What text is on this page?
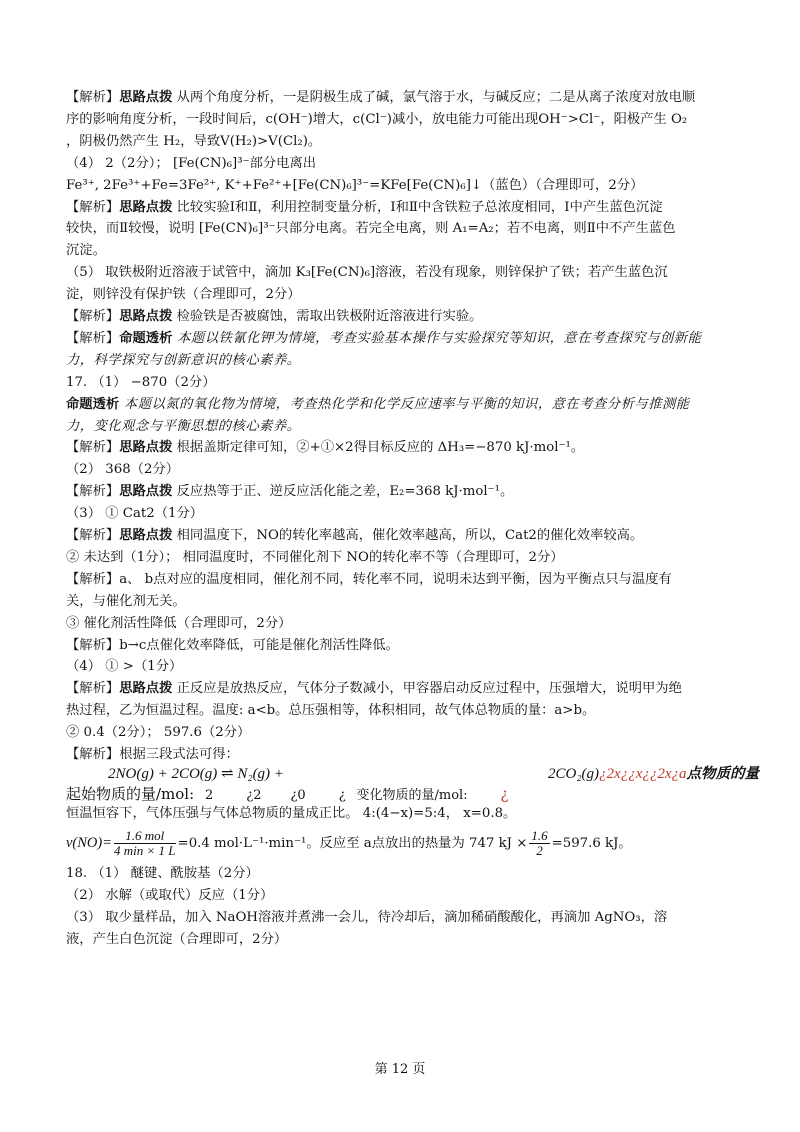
【解析】思路点拨 从两个角度分析，一是阴极生成了碱，氯气溶于水，与碱反应；二是从离子浓度对放电顺
序的影响角度分析，一段时间后，c(OH⁻)增大，c(Cl⁻)减小，放电能力可能出现OH⁻>Cl⁻，阳极产生 O₂
，阴极仍然产生 H₂，导致V(H₂)>V(Cl₂)。
（4） 2（2分）； [Fe(CN)₆]³⁻部分电离出
Fe³⁺, 2Fe³⁺+Fe=3Fe²⁺, K⁺+Fe²⁺+[Fe(CN)₆]³⁻=KFe[Fe(CN)₆]↓（蓝色）（合理即可，2分）
【解析】思路点拨 比较实验Ⅰ和Ⅱ，利用控制变量分析，Ⅰ和Ⅱ中含铁粒子总浓度相同，Ⅰ中产生蓝色沉淀
较快，而Ⅱ较慢，说明 [Fe(CN)₆]³⁻只部分电离。若完全电离，则 A₁=A₂；若不电离，则Ⅱ中不产生蓝色
沉淀。
（5） 取铁极附近溶液于试管中，滴加 K₃[Fe(CN)₆]溶液，若没有现象，则锌保护了铁；若产生蓝色沉
淀，则锌没有保护铁（合理即可，2分）
【解析】思路点拨 检验铁是否被腐蚀，需取出铁极附近溶液进行实验。
【解析】命题透析 本题以铁氰化钾为情境，考查实验基本操作与实验探究等知识，意在考查探究与创新能
力，科学探究与创新意识的核心素养。
17. （1） −870（2分）
命题透析 本题以氮的氧化物为情境，考查热化学和化学反应速率与平衡的知识，意在考查分析与推测能
力，变化观念与平衡思想的核心素养。
【解析】思路点拨 根据盖斯定律可知，②+①×2得目标反应的 ΔH₃=−870 kJ·mol⁻¹。
（2） 368（2分）
【解析】思路点拨 反应热等于正、逆反应活化能之差，E₂=368 kJ·mol⁻¹。
（3） ① Cat2（1分）
【解析】思路点拨 相同温度下，NO的转化率越高，催化效率越高，所以，Cat2的催化效率较高。
② 未达到（1分）； 相同温度时，不同催化剂下 NO的转化率不等（合理即可，2分）
【解析】a、 b点对应的温度相同，催化剂不同，转化率不同，说明未达到平衡，因为平衡点只与温度有
关，与催化剂无关。
③ 催化剂活性降低（合理即可，2分）
【解析】b→c点催化效率降低，可能是催化剂活性降低。
（4） ① >（1分）
【解析】思路点拨 正反应是放热反应，气体分子数减小，甲容器启动反应过程中，压强增大，说明甲为绝
热过程，乙为恒温过程。温度: a<b。总压强相等，体积相同，故气体总物质的量：a>b。
② 0.4（2分）； 597.6（2分）
【解析】根据三段式法可得：
2NO(g) + 2CO(g) ⇌ N₂(g) +	2CO₂(g)¿2x¿¿x¿¿2x¿a点物质的量
起始物质的量/mol: 2        ¿2       ¿0        ¿ 变化物质的量/mol: ¿
恒温恒容下，气体压强与气体总物质的量成正比。 4:(4−x)=5:4， x=0.8。
$v(NO)= \frac{\text{1.6 mol}}{4 \min \times 1 L} =0.4$ mol·L⁻¹·min⁻¹。反应至 a点放出的热量为 747 kJ × $\frac{1.6}{2} =597.6$ kJ。
18. （1） 醚键、酰胺基（2分）
（2） 水解（或取代）反应（1分）
（3） 取少量样品，加入 NaOH溶液并煮沸一会儿，待冷却后，滴加稀硝酸酸化，再滴加 AgNO₃，溶
液，产生白色沉淀（合理即可，2分）
第 12 页
